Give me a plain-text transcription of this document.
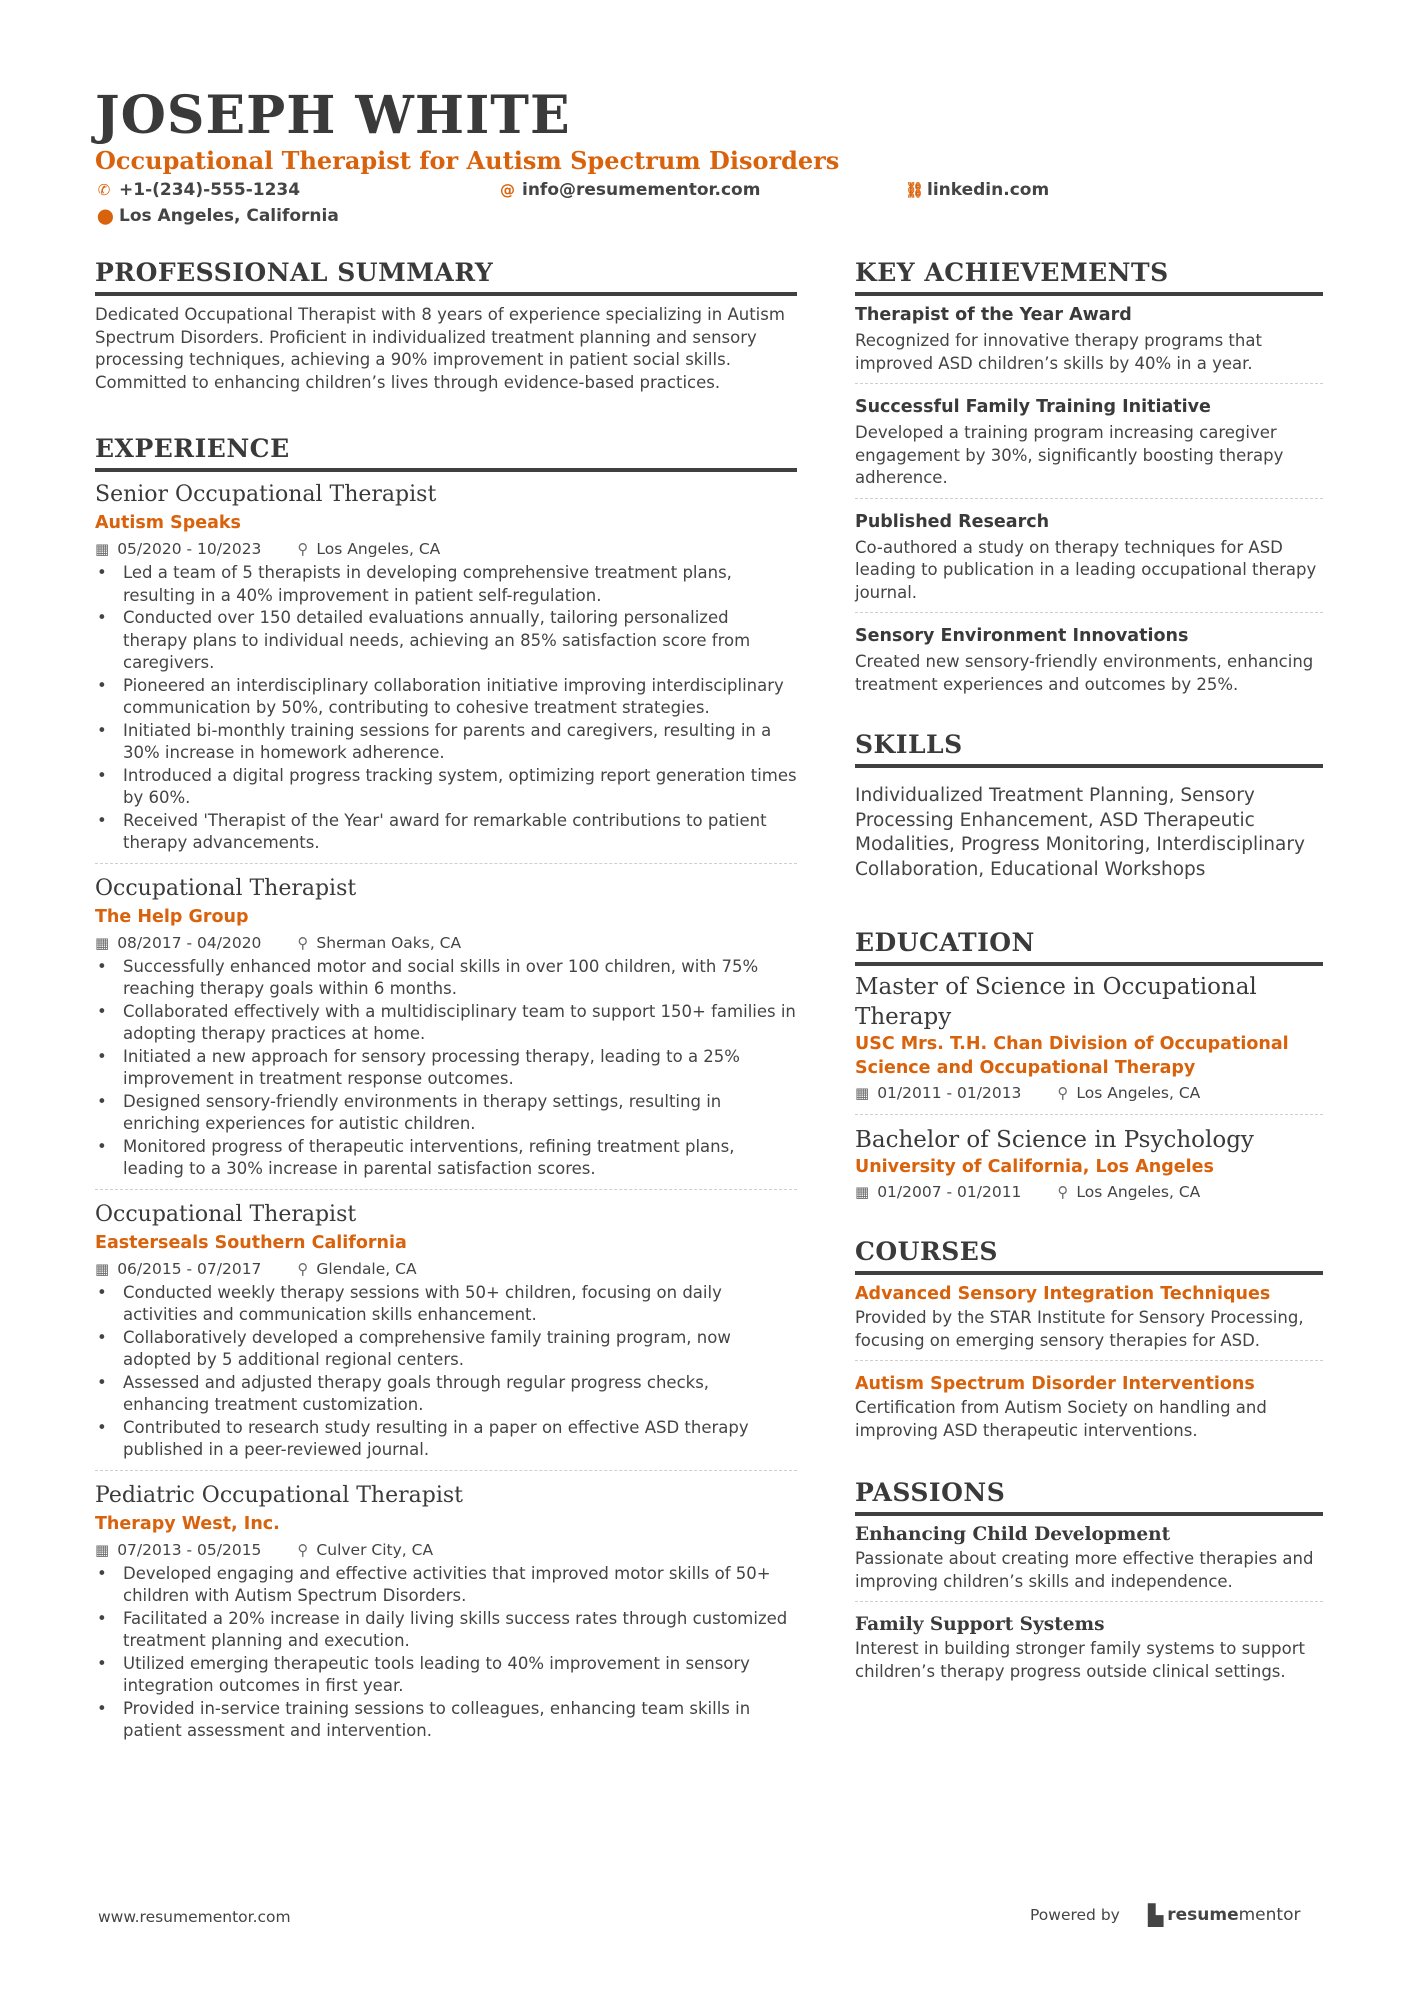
JOSEPH WHITE
Occupational Therapist for Autism Spectrum Disorders
✆ +1-(234)-555-1234	@ info@resumementor.com	⛓ linkedin.com
⬤ Los Angeles, California
PROFESSIONAL SUMMARY
Dedicated Occupational Therapist with 8 years of experience specializing in Autism Spectrum Disorders. Proficient in individualized treatment planning and sensory processing techniques, achieving a 90% improvement in patient social skills. Committed to enhancing children’s lives through evidence-based practices.
EXPERIENCE
Senior Occupational Therapist
Autism Speaks
▦ 05/2020 - 10/2023 ⚲ Los Angeles, CA
• Led a team of 5 therapists in developing comprehensive treatment plans, resulting in a 40% improvement in patient self-regulation.
• Conducted over 150 detailed evaluations annually, tailoring personalized therapy plans to individual needs, achieving an 85% satisfaction score from caregivers.
• Pioneered an interdisciplinary collaboration initiative improving interdisciplinary communication by 50%, contributing to cohesive treatment strategies.
• Initiated bi-monthly training sessions for parents and caregivers, resulting in a 30% increase in homework adherence.
• Introduced a digital progress tracking system, optimizing report generation times by 60%.
• Received 'Therapist of the Year' award for remarkable contributions to patient therapy advancements.
Occupational Therapist
The Help Group
▦ 08/2017 - 04/2020 ⚲ Sherman Oaks, CA
• Successfully enhanced motor and social skills in over 100 children, with 75% reaching therapy goals within 6 months.
• Collaborated effectively with a multidisciplinary team to support 150+ families in adopting therapy practices at home.
• Initiated a new approach for sensory processing therapy, leading to a 25% improvement in treatment response outcomes.
• Designed sensory-friendly environments in therapy settings, resulting in enriching experiences for autistic children.
• Monitored progress of therapeutic interventions, refining treatment plans, leading to a 30% increase in parental satisfaction scores.
Occupational Therapist
Easterseals Southern California
▦ 06/2015 - 07/2017 ⚲ Glendale, CA
• Conducted weekly therapy sessions with 50+ children, focusing on daily activities and communication skills enhancement.
• Collaboratively developed a comprehensive family training program, now adopted by 5 additional regional centers.
• Assessed and adjusted therapy goals through regular progress checks, enhancing treatment customization.
• Contributed to research study resulting in a paper on effective ASD therapy published in a peer-reviewed journal.
Pediatric Occupational Therapist
Therapy West, Inc.
▦ 07/2013 - 05/2015 ⚲ Culver City, CA
• Developed engaging and effective activities that improved motor skills of 50+ children with Autism Spectrum Disorders.
• Facilitated a 20% increase in daily living skills success rates through customized treatment planning and execution.
• Utilized emerging therapeutic tools leading to 40% improvement in sensory integration outcomes in first year.
• Provided in-service training sessions to colleagues, enhancing team skills in patient assessment and intervention.
KEY ACHIEVEMENTS
Therapist of the Year Award
Recognized for innovative therapy programs that improved ASD children’s skills by 40% in a year.
Successful Family Training Initiative
Developed a training program increasing caregiver engagement by 30%, significantly boosting therapy adherence.
Published Research
Co-authored a study on therapy techniques for ASD leading to publication in a leading occupational therapy journal.
Sensory Environment Innovations
Created new sensory-friendly environments, enhancing treatment experiences and outcomes by 25%.
SKILLS
Individualized Treatment Planning, Sensory Processing Enhancement, ASD Therapeutic Modalities, Progress Monitoring, Interdisciplinary Collaboration, Educational Workshops
EDUCATION
Master of Science in Occupational Therapy
USC Mrs. T.H. Chan Division of Occupational Science and Occupational Therapy
▦ 01/2011 - 01/2013 ⚲ Los Angeles, CA
Bachelor of Science in Psychology
University of California, Los Angeles
▦ 01/2007 - 01/2011 ⚲ Los Angeles, CA
COURSES
Advanced Sensory Integration Techniques
Provided by the STAR Institute for Sensory Processing, focusing on emerging sensory therapies for ASD.
Autism Spectrum Disorder Interventions
Certification from Autism Society on handling and improving ASD therapeutic interventions.
PASSIONS
Enhancing Child Development
Passionate about creating more effective therapies and improving children’s skills and independence.
Family Support Systems
Interest in building stronger family systems to support children’s therapy progress outside clinical settings.
www.resumementor.com	Powered by ▙ resume mentor
